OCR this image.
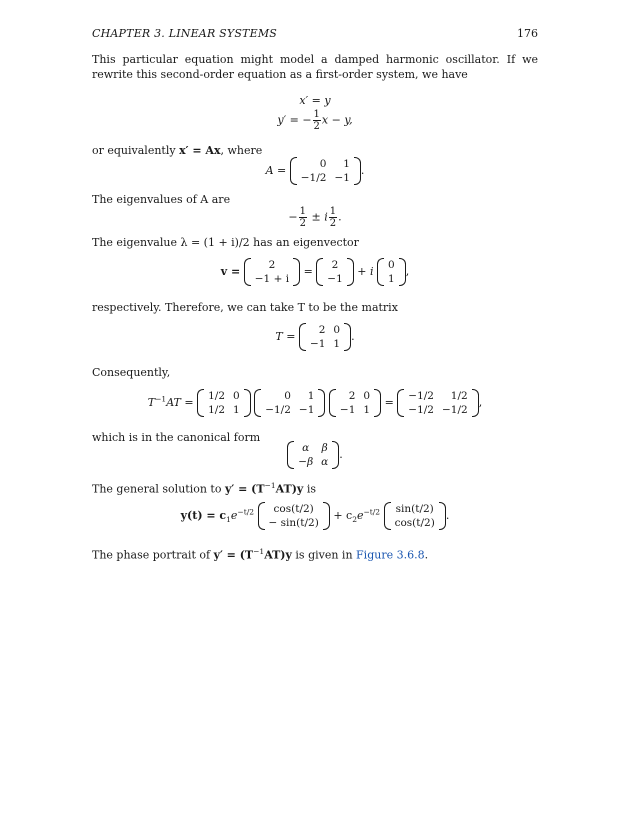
CHAPTER 3. LINEAR SYSTEMS	176
This particular equation might model a damped harmonic oscillator. If we rewrite this second-order equation as a first-order system, we have
x′ = y
y′ = − $\frac{1}{2}$ x − y,
or equivalently x′ = Ax, where
A =	0	1
−1/2	−1
.
The eigenvalues of A are
− $\frac{1}{2} \pm i \frac{1}{2}$ .
The eigenvalue λ = (1 + i)/2 has an eigenvector
v =	2
−1 + i
= 2
−1
+ i 0
1
,
respectively. Therefore, we can take T to be the matrix
T = 2	0
−1	1
.
Consequently,
$T^{-1}AT = 1/2$	0
1/2	1

0	1
−1/2	−1

2	0
−1	1
= −1/2	1/2
−1/2	−1/2
,
which is in the canonical form
α	β
−β	α
.
The general solution to $y' = (T^{-1}AT)y$ is
$y(t) = c_1e^{-t/2}$ cos(t/2)
− sin(t/2)
+ $c_2e^{-t/2}$ sin(t/2)
cos(t/2)
.
The phase portrait of $y' = (T^{-1}AT)y$ is given in Figure 3.6.8.
